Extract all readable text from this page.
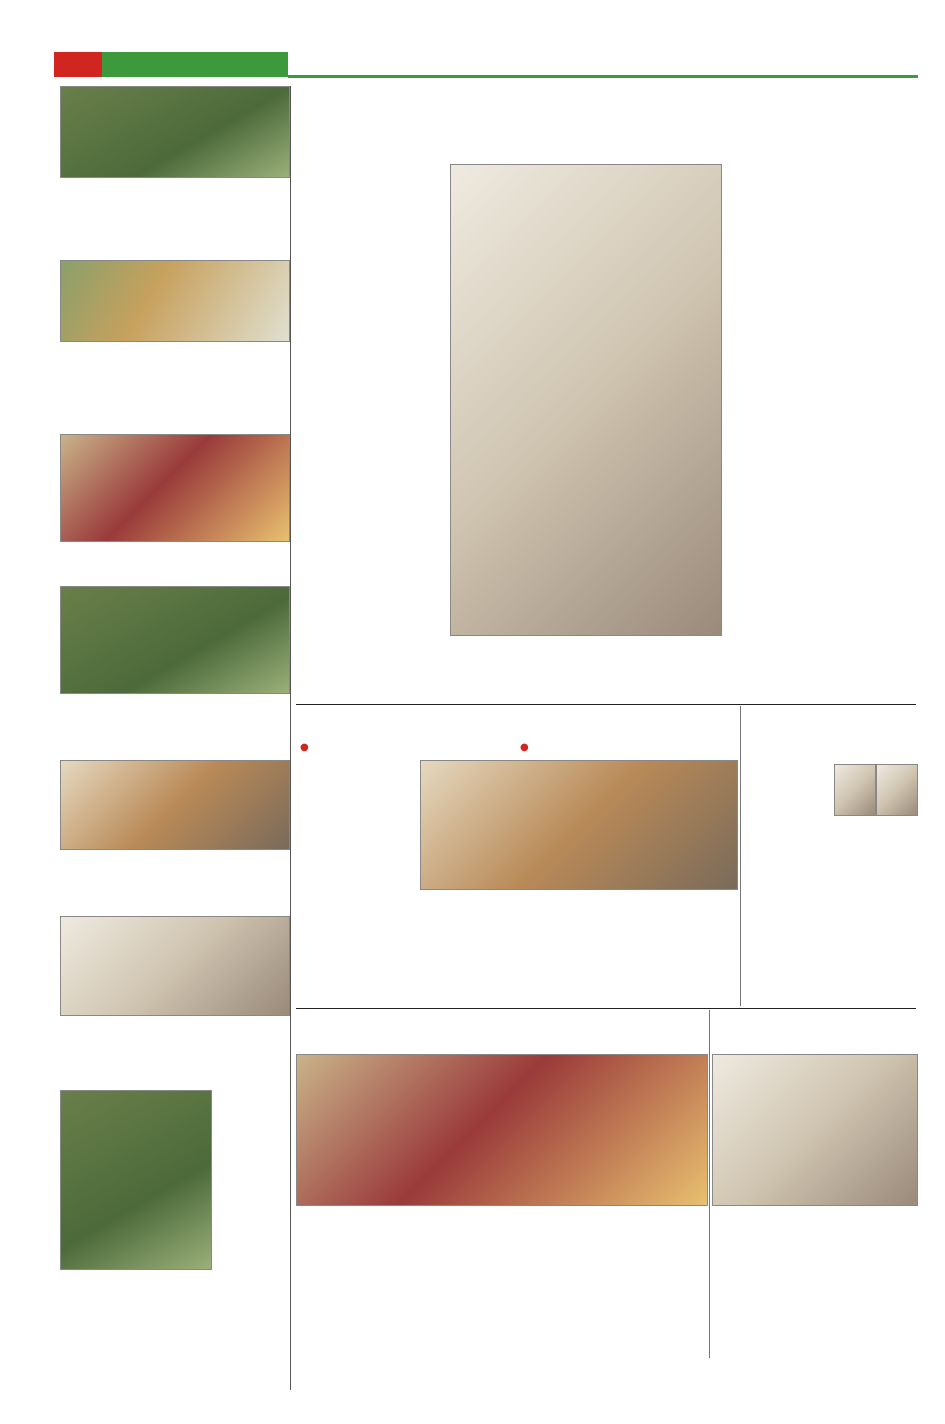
●	●
